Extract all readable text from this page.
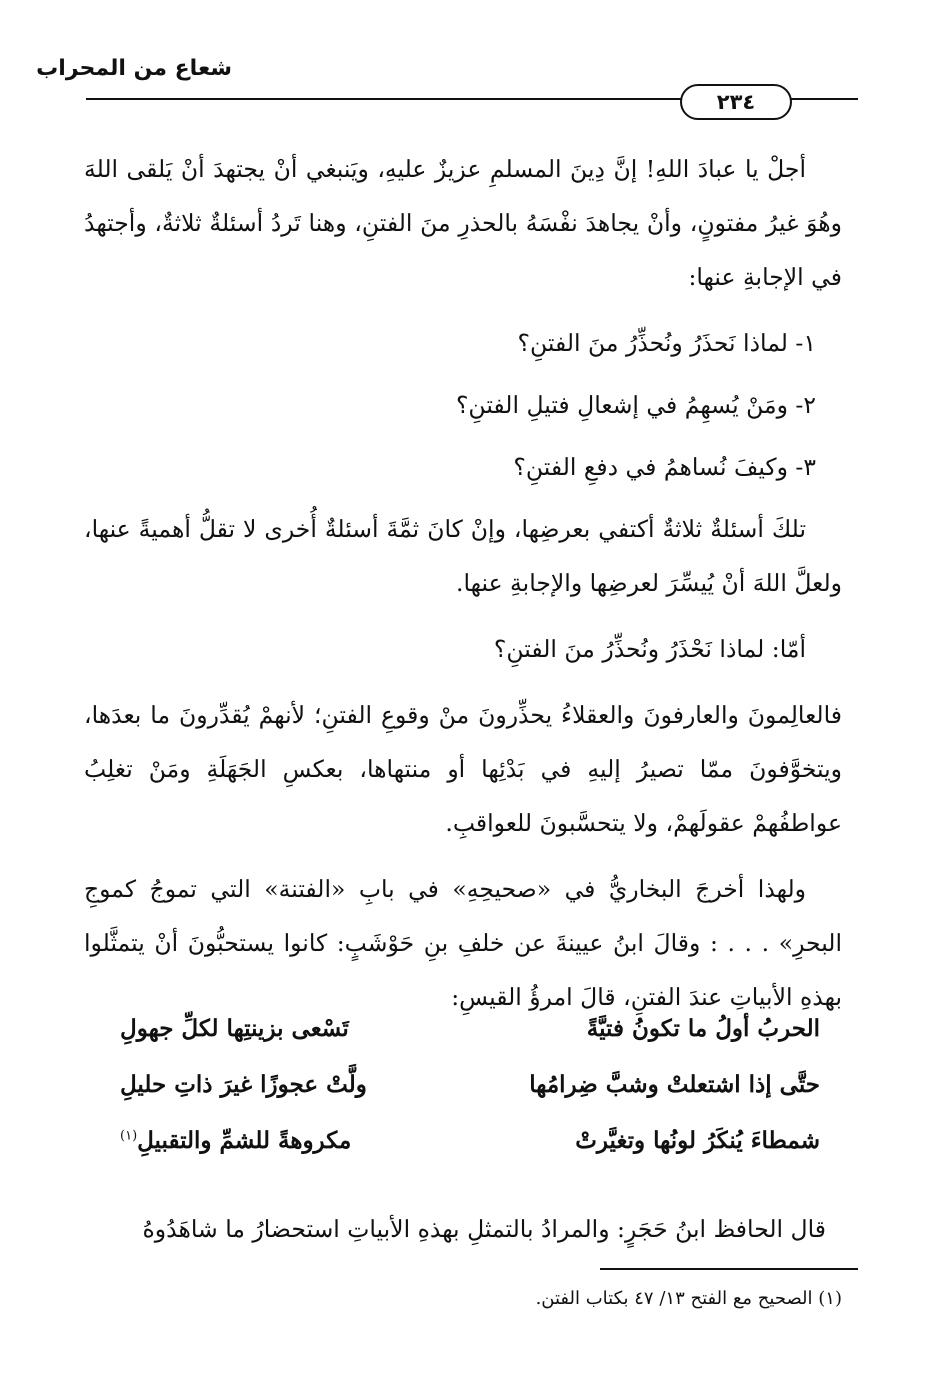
شعاع من المحراب
٢٣٤

أجلْ يا عبادَ اللهِ! إنَّ دِينَ المسلمِ عزيزٌ عليهِ، ويَنبغي أنْ يجتهدَ أنْ يَلقى اللهَ وهُوَ غيرُ مفتونٍ، وأنْ يجاهدَ نفْسَهُ بالحذرِ منَ الفتنِ، وهنا تَردُ أسئلةٌ ثلاثةٌ، وأجتهدُ في الإجابةِ عنها:

١- لماذا نَحذَرُ ونُحذِّرُ منَ الفتنِ؟

٢- ومَنْ يُسهِمُ في إشعالِ فتيلِ الفتنِ؟

٣- وكيفَ نُساهمُ في دفعِ الفتنِ؟

تلكَ أسئلةٌ ثلاثةٌ أكتفي بعرضِها، وإنْ كانَ ثمَّةَ أسئلةٌ أُخرى لا تقلُّ أهميةً عنها، ولعلَّ اللهَ أنْ يُيسِّرَ لعرضِها والإجابةِ عنها.

أمّا: لماذا نَحْذَرُ ونُحذِّرُ منَ الفتنِ؟

فالعالِمونَ والعارفونَ والعقلاءُ يحذِّرونَ منْ وقوعِ الفتنِ؛ لأنهمْ يُقدِّرونَ ما بعدَها، ويتخوَّفونَ ممّا تصيرُ إليهِ في بَدْئِها أو منتهاها، بعكسِ الجَهَلَةِ ومَنْ تغلِبُ عواطفُهمْ عقولَهمْ، ولا يتحسَّبونَ للعواقبِ.

ولهذا أخرجَ البخاريُّ في «صحيحِهِ» في بابِ «الفتنة» التي تموجُ كموجِ البحرِ» . . . : وقالَ ابنُ عيينةَ عن خلفِ بنِ حَوْشَبٍ: كانوا يستحبُّونَ أنْ يتمثَّلوا بهذهِ الأبياتِ عندَ الفتنِ، قالَ امرؤُ القيسِ:

الحربُ أولُ ما تكونُ فتيَّةً
تَسْعى بزينتِها لكلِّ جهولِ
حتَّى إذا اشتعلتْ وشبَّ ضِرامُها
ولَّتْ عجوزًا غيرَ ذاتِ حليلِ
شمطاءَ يُنكَرُ لونُها وتغيَّرتْ
مكروهةً للشمِّ والتقبيلِ$^{(١)}$
قال الحافظ ابنُ حَجَرٍ: والمرادُ بالتمثلِ بهذهِ الأبياتِ استحضارُ ما شاهَدُوهُ
(١) الصحيح مع الفتح ١٣/ ٤٧ بكتاب الفتن.
